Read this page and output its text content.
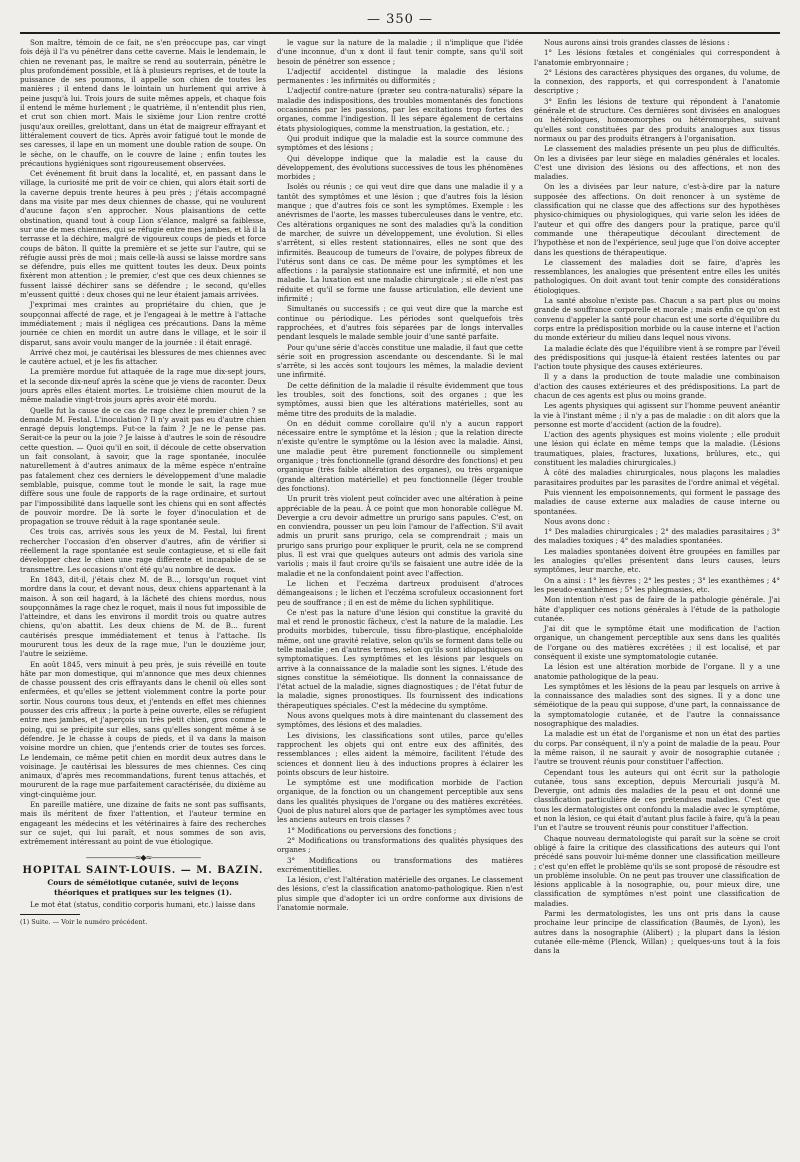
— 350 —

Son maître, témoin de ce fait, ne s'en préoccupe pas, car vingt fois déjà il l'a vu pénétrer dans cette caverne. Mais le lendemain, le chien ne revenant pas, le maître se rend au souterrain, pénètre le plus profondément possible, et là à plusieurs reprises, et de toute la puissance de ses poumons, il appelle son chien de toutes les manières ; il entend dans le lointain un hurlement qui arrive à peine jusqu'à lui. Trois jours de suite mêmes appels, et chaque fois il entend le même hurlement ; le quatrième, il n'entendit plus rien, et crut son chien mort. Mais le sixième jour Lion rentre crotté jusqu'aux oreilles, grelottant, dans un état de maigreur effrayant et littéralement couvert de tics. Après avoir fatigué tout le monde de ses caresses, il lape en un moment une double ration de soupe. On le sèche, on le chauffe, on le couvre de laine ; enfin toutes les précautions hygiéniques sont rigoureusement observées.

Cet événement fit bruit dans la localité, et, en passant dans le village, la curiosité me prit de voir ce chien, qui alors était sorti de la caverne depuis trente heures à peu près ; j'étais accompagné dans ma visite par mes deux chiennes de chasse, qui ne voulurent d'aucune façon s'en approcher. Nous plaisantions de cette obstination, quand tout à coup Lion s'élance, malgré sa faiblesse, sur une de mes chiennes, qui se réfugie entre mes jambes, et là il la terrasse et la déchire, malgré de vigoureux coups de pieds et force coups de bâton. Il quitte la première et se jette sur l'autre, qui se réfugie aussi près de moi ; mais celle-là aussi se laisse mordre sans se défendre, puis elles me quittent toutes les deux. Deux points fixèrent mon attention ; le premier, c'est que ces deux chiennes se fussent laissé déchirer sans se défendre ; le second, qu'elles m'eussent quitté : deux choses qui ne leur étaient jamais arrivées.

J'exprimai mes craintes au propriétaire du chien, que je soupçonnai affecté de rage, et je l'engageai à le mettre à l'attache immédiatement ; mais il négligea ces précautions. Dans la même journée ce chien en mordit un autre dans le village, et le soir il disparut, sans avoir voulu manger de la journée : il était enragé.

Arrivé chez moi, je cautérisai les blessures de mes chiennes avec le cautère actuel, et je les fis attacher.

La première mordue fut attaquée de la rage mue dix-sept jours, et la seconde dix-neuf après la scène que je viens de raconter. Deux jours après elles étaient mortes. Le troisième chien mourut de la même maladie vingt-trois jours après avoir été mordu.

Quelle fut la cause de ce cas de rage chez le premier chien ? se demande M. Festal. L'inoculation ? Il n'y avait pas eu d'autre chien enragé depuis longtemps. Fut-ce la faim ? Je ne le pense pas. Serait-ce la peur ou la joie ? Je laisse à d'autres le soin de résoudre cette question. — Quoi qu'il en soit, il découle de cette observation un fait consolant, à savoir, que la rage spontanée, inoculée naturellement à d'autres animaux de la même espèce n'entraîne pas fatalement chez ces derniers le développement d'une maladie semblable, puisque, comme tout le monde le sait, la rage mue diffère sous une foule de rapports de la rage ordinaire, et surtout par l'impossibilité dans laquelle sont les chiens qui en sont affectés de pouvoir mordre. De là sorte le foyer d'inoculation et de propagation se trouve réduit à la rage spontanée seule.

Ces trois cas, arrivés sous les yeux de M. Festal, lui firent rechercher l'occasion d'en observer d'autres, afin de vérifier si réellement la rage spontanée est seule contagieuse, et si elle fait développer chez le chien une rage différente et incapable de se transmettre. Les occasions n'ont été qu'au nombre de deux.

En 1843, dit-il, j'étais chez M. de B..., lorsqu'un roquet vint mordre dans la cour, et devant nous, deux chiens appartenant à la maison. À son œil hagard, à la lâcheté des chiens mordus, nous soupçonnâmes la rage chez le roquet, mais il nous fut impossible de l'atteindre, et dans les environs il mordit trois ou quatre autres chiens, qu'on abattit. Les deux chiens de M. de B... furent cautérisés presque immédiatement et tenus à l'attache. Ils moururent tous les deux de la rage mue, l'un le douzième jour, l'autre le seizième.

En août 1845, vers minuit à peu près, je suis réveillé en toute hâte par mon domestique, qui m'annonce que mes deux chiennes de chasse poussent des cris effrayants dans le chenil où elles sont enfermées, et qu'elles se jettent violemment contre la porte pour sortir. Nous courons tous deux, et j'entends en effet mes chiennes pousser des cris affreux ; la porte à peine ouverte, elles se réfugient entre mes jambes, et j'aperçois un très petit chien, gros comme le poing, qui se précipite sur elles, sans qu'elles songent même à se défendre. Je le chasse à coups de pieds, et il va dans la maison voisine mordre un chien, que j'entends crier de toutes ses forces. Le lendemain, ce même petit chien en mordit deux autres dans le voisinage. Je cautérisai les blessures de mes chiennes. Ces cinq animaux, d'après mes recommandations, furent tenus attachés, et moururent de la rage mue parfaitement caractérisée, du dixième au vingt-cinquième jour.

En pareille matière, une dizaine de faits ne sont pas suffisants, mais ils méritent de fixer l'attention, et l'auteur termine en engageant les médecins et les vétérinaires à faire des recherches sur ce sujet, qui lui paraît, et nous sommes de son avis, extrêmement intéressant au point de vue étiologique.

———————≈◆≈———————
HOPITAL SAINT-LOUIS. — M. BAZIN.
Cours de séméiotique cutanée, suivi de leçons théoriques et pratiques sur les teignes (1).

Le mot état (status, conditio corporis humani, etc.) laisse dans

(1) Suite. — Voir le numéro précédent.

le vague sur la nature de la maladie ; il n'implique que l'idée d'une inconnue, d'un x dont il faut tenir compte, sans qu'il soit besoin de pénétrer son essence ;

L'adjectif accidentel distingue la maladie des lésions permanentes : les infirmités ou difformités ;

L'adjectif contre-nature (præter seu contra-naturalis) sépare la maladie des indispositions, des troubles momentanés des fonctions occasionnés par les passions, par les excitations trop fortes des organes, comme l'indigestion. Il les sépare également de certains états physiologiques, comme la menstruation, la gestation, etc. ;

Qui produit indique que la maladie est la source commune des symptômes et des lésions ;

Qui développe indique que la maladie est la cause du développement, des évolutions successives de tous les phénomènes morbides ;

Isolés ou réunis ; ce qui veut dire que dans une maladie il y a tantôt des symptômes et une lésion ; que d'autres fois la lésion manque ; que d'autres fois ce sont les symptômes. Exemple : les anévrismes de l'aorte, les masses tuberculeuses dans le ventre, etc. Ces altérations organiques ne sont des maladies qu'à la condition de marcher, de suivre un développement, une évolution. Si elles s'arrêtent, si elles restent stationnaires, elles ne sont que des infirmités. Beaucoup de tumeurs de l'ovaire, de polypes fibreux de l'utérus sont dans ce cas. De même pour les symptômes et les affections : la paralysie stationnaire est une infirmité, et non une maladie. La luxation est une maladie chirurgicale ; si elle n'est pas réduite et qu'il se forme une fausse articulation, elle devient une infirmité ;

Simultanés ou successifs ; ce qui veut dire que la marche est continue ou périodique. Les périodes sont quelquefois très rapprochées, et d'autres fois séparées par de longs intervalles pendant lesquels le malade semble jouir d'une santé parfaite.

Pour qu'une série d'accès constitue une maladie, il faut que cette série soit en progression ascendante ou descendante. Si le mal s'arrête, si les accès sont toujours les mêmes, la maladie devient une infirmité.

De cette définition de la maladie il résulte évidemment que tous les troubles, soit des fonctions, soit des organes ; que les symptômes, aussi bien que les altérations matérielles, sont au même titre des produits de la maladie.

On en déduit comme corollaire qu'il n'y a aucun rapport nécessaire entre le symptôme et la lésion ; que la relation directe n'existe qu'entre le symptôme ou la lésion avec la maladie. Ainsi, une maladie peut être purement fonctionnelle ou simplement organique ; très fonctionnelle (grand désordre des fonctions) et peu organique (très faible altération des organes), ou très organique (grande altération matérielle) et peu fonctionnelle (léger trouble des fonctions).

Un prurit très violent peut coïncider avec une altération à peine appréciable de la peau. À ce point que mon honorable collègue M. Devergie a cru devoir admettre un prurigo sans papules. C'est, on en conviendra, pousser un peu loin l'amour de l'affection. S'il avait admis un prurit sans prurigo, cela se comprendrait ; mais un prurigo sans prurigo pour expliquer le prurit, cela ne se comprend plus. Il est vrai que quelques auteurs ont admis des variola sine variolis ; mais il faut croire qu'ils se faisaient une autre idée de la maladie et ne la confondaient point avec l'affection.

Le lichen et l'eczéma dartreux produisent d'atroces démangeaisons ; le lichen et l'eczéma scrofuleux occasionnent fort peu de souffrance ; il en est de même du lichen syphilitique.

Ce n'est pas la nature d'une lésion qui constitue la gravité du mal et rend le pronostic fâcheux, c'est la nature de la maladie. Les produits morbides, tubercule, tissu fibro-plastique, encéphaloïde même, ont une gravité relative, selon qu'ils se forment dans telle ou telle maladie ; en d'autres termes, selon qu'ils sont idiopathiques ou symptomatiques. Les symptômes et les lésions par lesquels on arrive à la connaissance de la maladie sont les signes. L'étude des signes constitue la séméiotique. Ils donnent la connaissance de l'état actuel de la maladie, signes diagnostiques ; de l'état futur de la maladie, signes pronostiques. Ils fournissent des indications thérapeutiques spéciales. C'est la médecine du symptôme.

Nous avons quelques mots à dire maintenant du classement des symptômes, des lésions et des maladies.

Les divisions, les classifications sont utiles, parce qu'elles rapprochent les objets qui ont entre eux des affinités, des ressemblances ; elles aident la mémoire, facilitent l'étude des sciences et donnent lieu à des inductions propres à éclairer les points obscurs de leur histoire.

Le symptôme est une modification morbide de l'action organique, de la fonction ou un changement perceptible aux sens dans les qualités physiques de l'organe ou des matières excrétées. Quoi de plus naturel alors que de partager les symptômes avec tous les anciens auteurs en trois classes ?

1° Modifications ou perversions des fonctions ;

2° Modifications ou transformations des qualités physiques des organes ;

3° Modifications ou transformations des matières excrémentitielles.

La lésion, c'est l'altération matérielle des organes. Le classement des lésions, c'est la classification anatomo-pathologique. Rien n'est plus simple que d'adopter ici un ordre conforme aux divisions de l'anatomie normale.

Nous aurons ainsi trois grandes classes de lésions :

1° Les lésions fœtales et congéniales qui correspondent à l'anatomie embryonnaire ;

2° Lésions des caractères physiques des organes, du volume, de la connexion, des rapports, et qui correspondent à l'anatomie descriptive ;

3° Enfin les lésions de texture qui répondent à l'anatomie générale et de structure. Ces dernières sont divisées en analogues ou hétérologues, homœomorphes ou hétéromorphes, suivant qu'elles sont constituées par des produits analogues aux tissus normaux ou par des produits étrangers à l'organisation.

Le classement des maladies présente un peu plus de difficultés. On les a divisées par leur siège en maladies générales et locales. C'est une division des lésions ou des affections, et non des maladies.

On les a divisées par leur nature, c'est-à-dire par la nature supposée des affections. On doit renoncer à un système de classification qui ne classe que des affections sur des hypothèses physico-chimiques ou physiologiques, qui varie selon les idées de l'auteur et qui offre des dangers pour la pratique, parce qu'il commande une thérapeutique découlant directement de l'hypothèse et non de l'expérience, seul juge que l'on doive accepter dans les questions de thérapeutique.

Le classement des maladies doit se faire, d'après les ressemblances, les analogies que présentent entre elles les unités pathologiques. On doit avant tout tenir compte des considérations étiologiques.

La santé absolue n'existe pas. Chacun a sa part plus ou moins grande de souffrance corporelle et morale ; mais enfin ce qu'on est convenu d'appeler la santé pour chacun est une sorte d'équilibre du corps entre la prédisposition morbide ou la cause interne et l'action du monde extérieur du milieu dans lequel nous vivons.

La maladie éclate dès que l'équilibre vient à se rompre par l'éveil des prédispositions qui jusque-là étaient restées latentes ou par l'action toute physique des causes extérieures.

Il y a dans la production de toute maladie une combinaison d'action des causes extérieures et des prédispositions. La part de chacun de ces agents est plus ou moins grande.

Les agents physiques qui agissent sur l'homme peuvent anéantir la vie à l'instant même ; il n'y a pas de maladie : on dit alors que la personne est morte d'accident (action de la foudre).

L'action des agents physiques est moins violente ; elle produit une lésion qui éclate en même temps que la maladie. (Lésions traumatiques, plaies, fractures, luxations, brûlures, etc., qui constituent les maladies chirurgicales.)

À côté des maladies chirurgicales, nous plaçons les maladies parasitaires produites par les parasites de l'ordre animal et végétal.

Puis viennent les empoisonnements, qui forment le passage des maladies de cause externe aux maladies de cause interne ou spontanées.

Nous avons donc :

1° Des maladies chirurgicales ; 2° des maladies parasitaires ; 3° des maladies toxiques ; 4° des maladies spontanées.

Les maladies spontanées doivent être groupées en familles par les analogies qu'elles présentent dans leurs causes, leurs symptômes, leur marche, etc.

On a ainsi : 1° les fièvres ; 2° les pestes ; 3° les exanthèmes ; 4° les pseudo-exanthèmes ; 5° les phlegmasies, etc.

Mon intention n'est pas de faire de la pathologie générale. J'ai hâte d'appliquer ces notions générales à l'étude de la pathologie cutanée.

J'ai dit que le symptôme était une modification de l'action organique, un changement perceptible aux sens dans les qualités de l'organe ou des matières excrétées ; il est localisé, et par conséquent il existe une symptomatologie cutanée.

La lésion est une altération morbide de l'organe. Il y a une anatomie pathologique de la peau.

Les symptômes et les lésions de la peau par lesquels on arrive à la connaissance des maladies sont des signes. Il y a donc une séméiotique de la peau qui suppose, d'une part, la connaissance de la symptomatologie cutanée, et de l'autre la connaissance nosographique des maladies.

La maladie est un état de l'organisme et non un état des parties du corps. Par conséquent, il n'y a point de maladie de la peau. Pour la même raison, il ne saurait y avoir de nosographie cutanée ; l'autre se trouvent réunis pour constituer l'affection.

Cependant tous les auteurs qui ont écrit sur la pathologie cutanée, tous sans exception, depuis Mercuriali jusqu'à M. Devergie, ont admis des maladies de la peau et ont donné une classification particulière de ces prétendues maladies. C'est que tous les dermatologistes ont confondu la maladie avec le symptôme, et non la lésion, ce qui était d'autant plus facile à faire, qu'à la peau l'un et l'autre se trouvent réunis pour constituer l'affection.

Chaque nouveau dermatologiste qui paraît sur la scène se croit obligé à faire la critique des classifications des auteurs qui l'ont précédé sans pouvoir lui-même donner une classification meilleure ; c'est qu'en effet le problème qu'ils se sont proposé de résoudre est un problème insoluble. On ne peut pas trouver une classification de lésions applicable à la nosographie, ou, pour mieux dire, une classification de symptômes n'est point une classification de maladies.

Parmi les dermatologistes, les uns ont pris dans la cause prochaine leur principe de classification (Baumès, de Lyon), les autres dans la nosographie (Alibert) ; la plupart dans la lésion cutanée elle-même (Plenck, Willan) ; quelques-uns tout à la fois dans la
